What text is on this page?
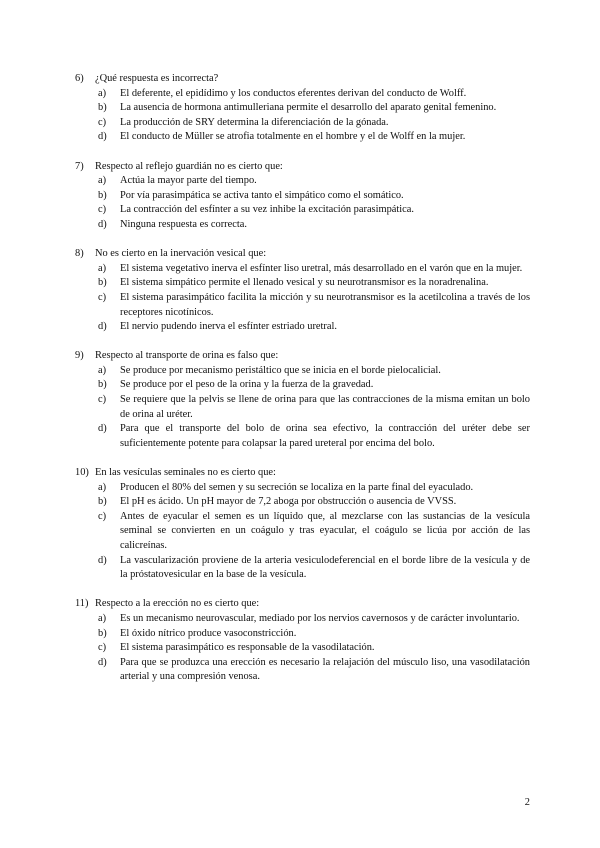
6)	¿Qué respuesta es incorrecta?
a)	El deferente, el epidídimo y los conductos eferentes derivan del conducto de Wolff.
b)	La ausencia de hormona antimulleriana permite el desarrollo del aparato genital femenino.
c)	La producción de SRY determina la diferenciación de la gónada.
d)	El conducto de Müller se atrofia totalmente en el hombre y el de Wolff en la mujer.
7)	Respecto al reflejo guardián no es cierto que:
a)	Actúa la mayor parte del tiempo.
b)	Por vía parasimpática se activa tanto el simpático como el somático.
c)	La contracción del esfínter a su vez inhibe la excitación parasimpática.
d)	Ninguna respuesta es correcta.
8)	No es cierto en la inervación vesical que:
a)	El sistema vegetativo inerva el esfínter liso uretral, más desarrollado en el varón que en la mujer.
b)	El sistema simpático permite el llenado vesical y su neurotransmisor es la noradrenalina.
c)	El sistema parasimpático facilita la micción y su neurotransmisor es la acetilcolina a través de los receptores nicotínicos.
d)	El nervio pudendo inerva el esfínter estriado uretral.
9)	Respecto al transporte de orina es falso que:
a)	Se produce por mecanismo peristáltico que se inicia en el borde pielocalicial.
b)	Se produce por el peso de la orina y la fuerza de la gravedad.
c)	Se requiere que la pelvis se llene de orina para que las contracciones de la misma emitan un bolo de orina al uréter.
d)	Para que el transporte del bolo de orina sea efectivo, la contracción del uréter debe ser suficientemente potente para colapsar la pared ureteral por encima del bolo.
10) En las vesículas seminales no es cierto que:
a)	Producen el 80% del semen y su secreción se localiza en la parte final del eyaculado.
b)	El pH es ácido. Un pH mayor de 7,2 aboga por obstrucción o ausencia de VVSS.
c)	Antes de eyacular el semen es un líquido que, al mezclarse con las sustancias de la vesícula seminal se convierten en un coágulo y tras eyacular, el coágulo se licúa por acción de las calicreínas.
d)	La vascularización proviene de la arteria vesiculodeferencial en el borde libre de la vesícula y de la próstatovesicular en la base de la vesícula.
11) Respecto a la erección no es cierto que:
a)	Es un mecanismo neurovascular, mediado por los nervios cavernosos y de carácter involuntario.
b)	El óxido nítrico produce vasoconstricción.
c)	El sistema parasimpático es responsable de la vasodilatación.
d)	Para que se produzca una erección es necesario la relajación del músculo liso, una vasodilatación arterial y una compresión venosa.
2
